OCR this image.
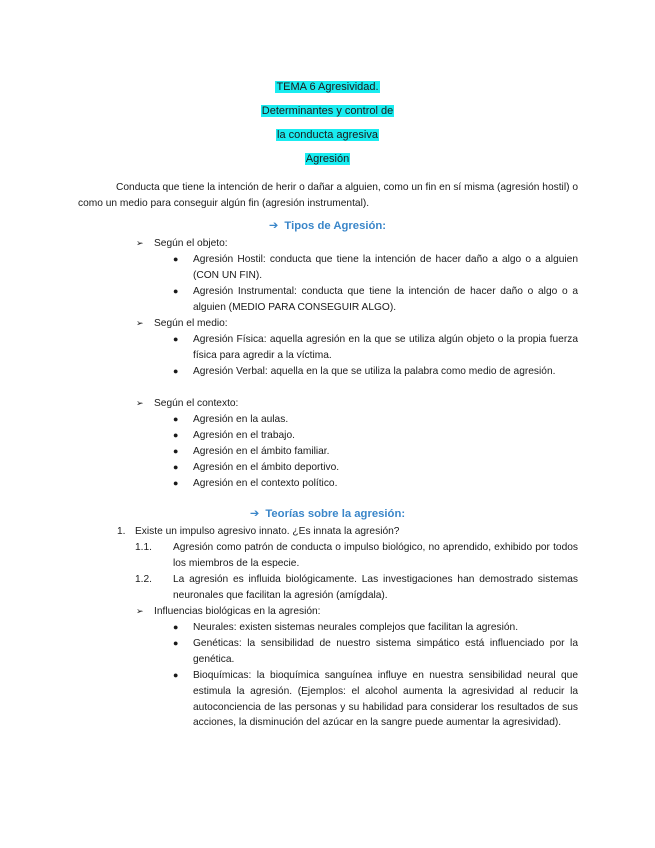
TEMA 6 Agresividad.
Determinantes y control de
la conducta agresiva
Agresión

Conducta que tiene la intención de herir o dañar a alguien, como un fin en sí misma (agresión hostil) o como un medio para conseguir algún fin (agresión instrumental).

➔ Tipos de Agresión:
➢ Según el objeto:
● Agresión Hostil: conducta que tiene la intención de hacer daño a algo o a alguien (CON UN FIN).
● Agresión Instrumental: conducta que tiene la intención de hacer daño o algo o a alguien (MEDIO PARA CONSEGUIR ALGO).
➢ Según el medio:
● Agresión Física: aquella agresión en la que se utiliza algún objeto o la propia fuerza física para agredir a la víctima.
● Agresión Verbal: aquella en la que se utiliza la palabra como medio de agresión.
➢ Según el contexto:
● Agresión en la aulas.
● Agresión en el trabajo.
● Agresión en el ámbito familiar.
● Agresión en el ámbito deportivo.
● Agresión en el contexto político.
➔ Teorías sobre la agresión:
1. Existe un impulso agresivo innato. ¿Es innata la agresión?
1.1. Agresión como patrón de conducta o impulso biológico, no aprendido, exhibido por todos los miembros de la especie.
1.2. La agresión es influida biológicamente. Las investigaciones han demostrado sistemas neuronales que facilitan la agresión (amígdala).
➢ Influencias biológicas en la agresión:
● Neurales: existen sistemas neurales complejos que facilitan la agresión.
● Genéticas: la sensibilidad de nuestro sistema simpático está influenciado por la genética.
● Bioquímicas: la bioquímica sanguínea influye en nuestra sensibilidad neural que estimula la agresión. (Ejemplos: el alcohol aumenta la agresividad al reducir la autoconciencia de las personas y su habilidad para considerar los resultados de sus acciones, la disminución del azúcar en la sangre puede aumentar la agresividad).
